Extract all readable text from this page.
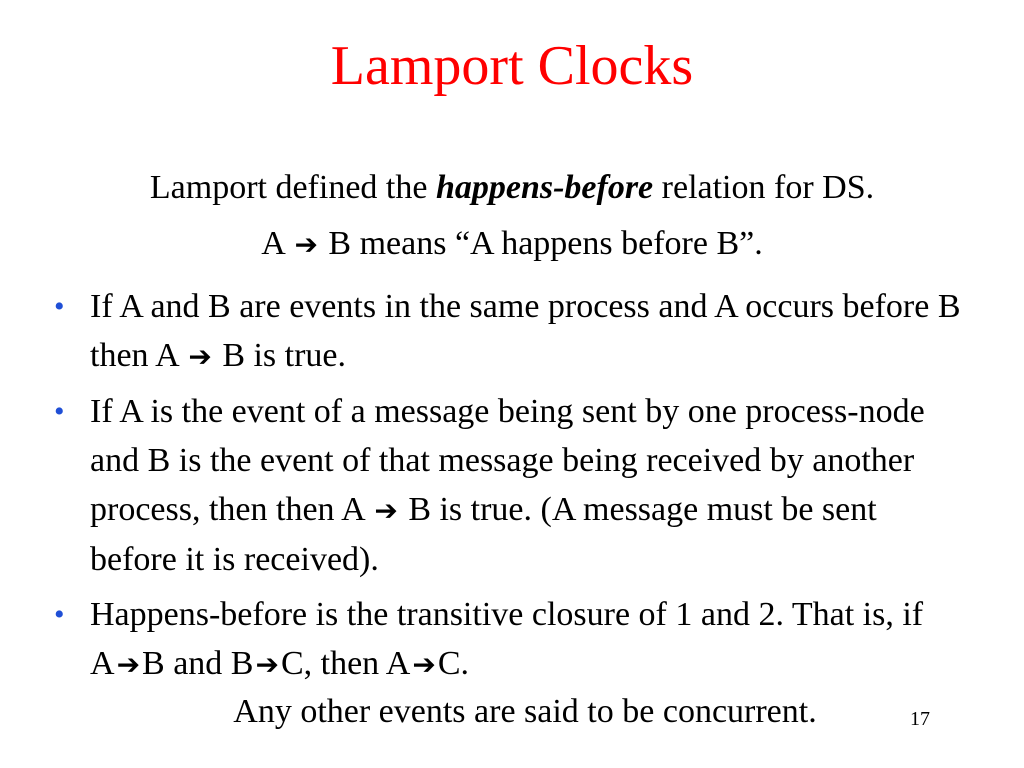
Lamport Clocks
Lamport defined the happens-before relation for DS.
A ➔ B means “A happens before B”.
• If A and B are events in the same process and A occurs before B then A ➔ B is true.
• If A is the event of a message being sent by one process-node and B is the event of that message being received by another process, then then A ➔ B is true. (A message must be sent before it is received).
• Happens-before is the transitive closure of 1 and 2. That is, if A➔B and B➔C, then A➔C.
Any other events are said to be concurrent.	17
